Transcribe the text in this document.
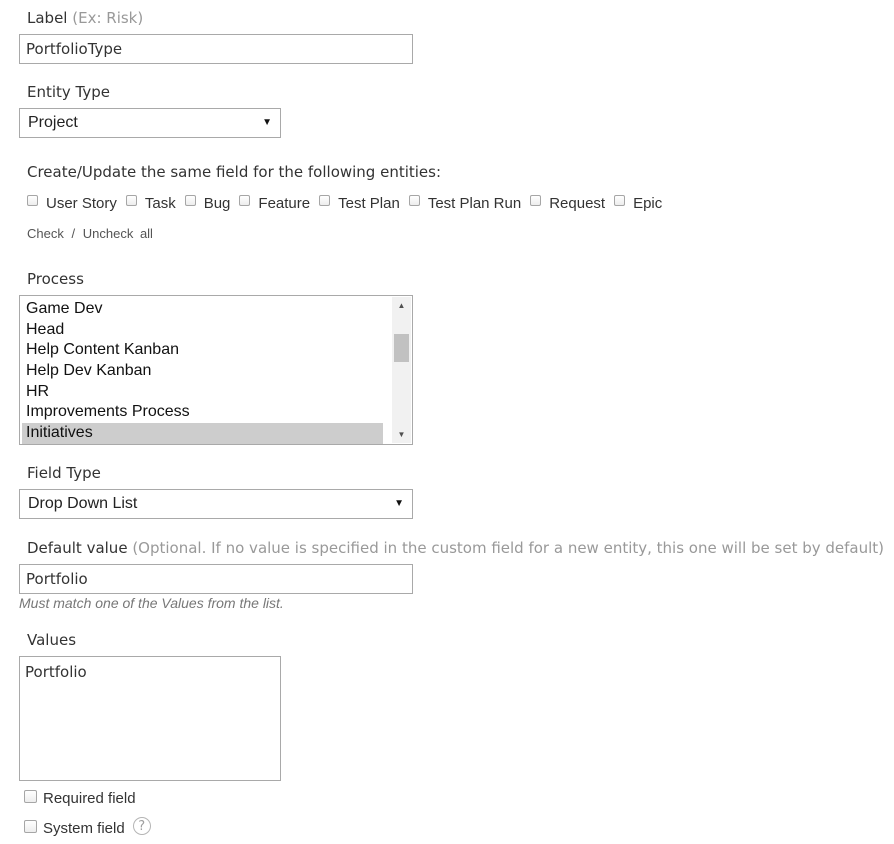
Label (Ex: Risk)
PortfolioType
Entity Type
Project	▼
Create/Update the same field for the following entities:
User Story Task Bug Feature Test Plan Test Plan Run Request Epic
Check / Uncheck all
Process
Game Dev
Head
Help Content Kanban
Help Dev Kanban
HR
Improvements Process
Initiatives
▲
▼
Field Type
Drop Down List	▼
Default value (Optional. If no value is specified in the custom field for a new entity, this one will be set by default)
Portfolio
Must match one of the Values from the list.
Values
Portfolio
Required field
System field	?
